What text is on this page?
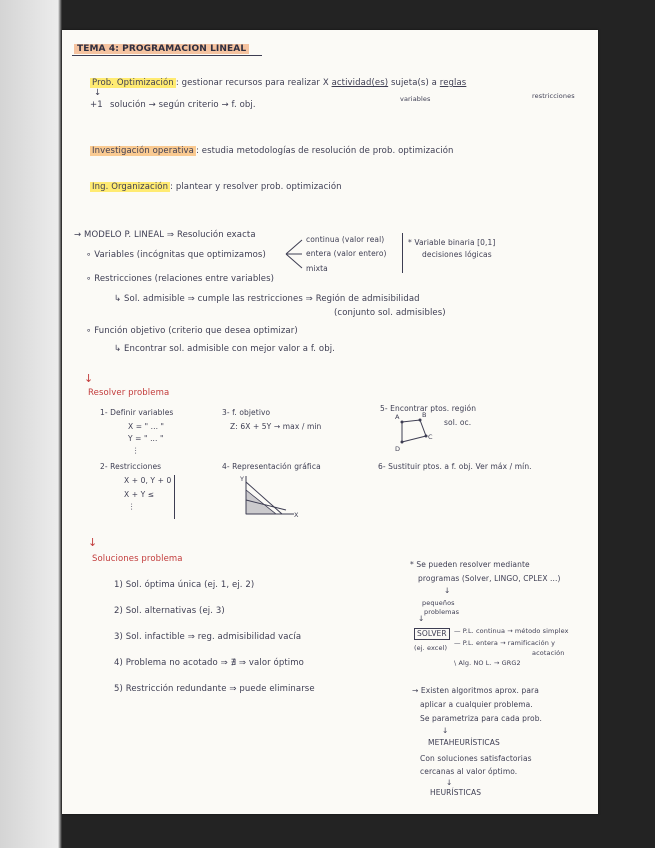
TEMA 4: PROGRAMACION LINEAL
Prob. Optimización : gestionar recursos para realizar X actividad(es) sujeta(s) a reglas
variables	restricciones
↓
+1 solución → según criterio → f. obj.
Investigación operativa : estudia metodologías de resolución de prob. optimización
Ing. Organización : plantear y resolver prob. optimización
→ MODELO P. LINEAL ⇒ Resolución exacta
∘ Variables (incógnitas que optimizamos)
continua (valor real)
entera (valor entero)
mixta
* Variable binaria [0,1]
decisiones lógicas
∘ Restricciones (relaciones entre variables)
↳ Sol. admisible ⇒ cumple las restricciones ⇒ Región de admisibilidad
(conjunto sol. admisibles)
∘ Función objetivo (criterio que desea optimizar)
↳ Encontrar sol. admisible con mejor valor a f. obj.
↓
Resolver problema
1- Definir variables
X = " ... "
Y = " ... "
⋮
2- Restricciones
X + 0, Y + 0
X + Y ≤
⋮
3- f. objetivo
Z: 6X + 5Y → max / min
4- Representación gráfica
Y
X
5- Encontrar ptos. región
sol. oc.
A	B
C
D
6- Sustituir ptos. a f. obj. Ver máx / mín.
↓
Soluciones problema
1) Sol. óptima única (ej. 1, ej. 2)
2) Sol. alternativas (ej. 3)
3) Sol. infactible ⇒ reg. admisibilidad vacía
4) Problema no acotado ⇒ ∄ ⇒ valor óptimo
5) Restricción redundante ⇒ puede eliminarse
* Se pueden resolver mediante
programas (Solver, LINGO, CPLEX ...)
↓
pequeños
problemas
↓
SOLVER
(ej. excel)
— P.L. continua → método simplex
— P.L. entera → ramificación y
acotación
\ Alg. NO L. → GRG2
→ Existen algoritmos aprox. para
aplicar a cualquier problema.
Se parametriza para cada prob.
↓
METAHEURÍSTICAS
Con soluciones satisfactorias
cercanas al valor óptimo.
↓
HEURÍSTICAS
